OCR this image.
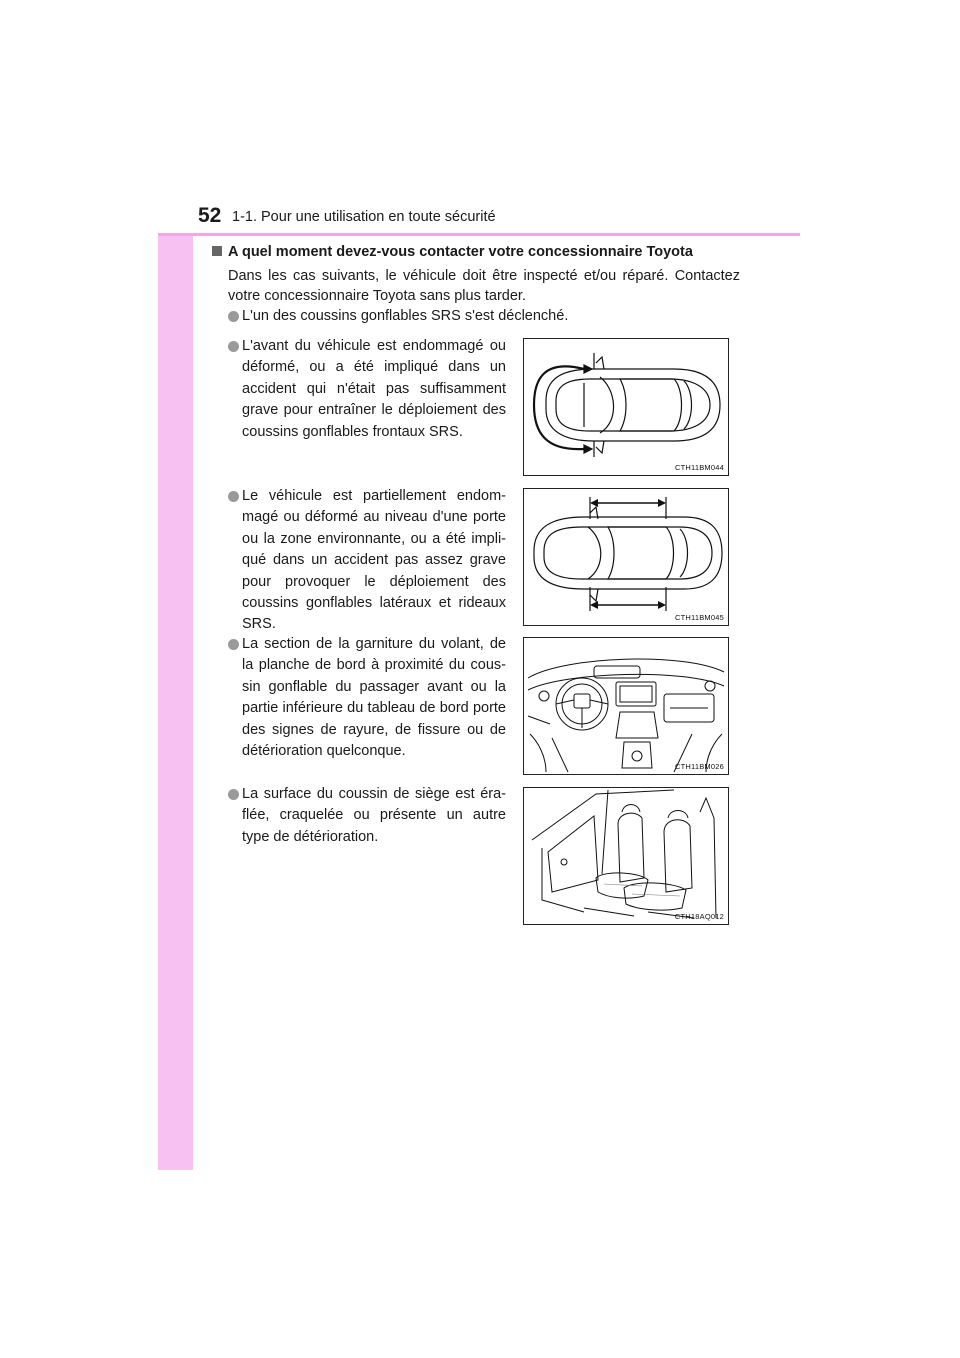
52 1-1. Pour une utilisation en toute sécurité
A quel moment devez-vous contacter votre concessionnaire Toyota
Dans les cas suivants, le véhicule doit être inspecté et/ou réparé. Contactez votre concessionnaire Toyota sans plus tarder.
L'un des coussins gonflables SRS s'est déclenché.
L'avant du véhicule est endommagé ou déformé, ou a été impliqué dans un accident qui n'était pas suffisamment grave pour entraîner le déploiement des coussins gonflables frontaux SRS.
Le véhicule est partiellement endom-magé ou déformé au niveau d'une porte ou la zone environnante, ou a été impli-qué dans un accident pas assez grave pour provoquer le déploiement des coussins gonflables latéraux et rideaux SRS.
La section de la garniture du volant, de la planche de bord à proximité du cous-sin gonflable du passager avant ou la partie inférieure du tableau de bord porte des signes de rayure, de fissure ou de détérioration quelconque.
La surface du coussin de siège est éra-flée, craquelée ou présente un autre type de détérioration.
CTH11BM044
CTH11BM045
CTH11BM026
CTH18AQ012
